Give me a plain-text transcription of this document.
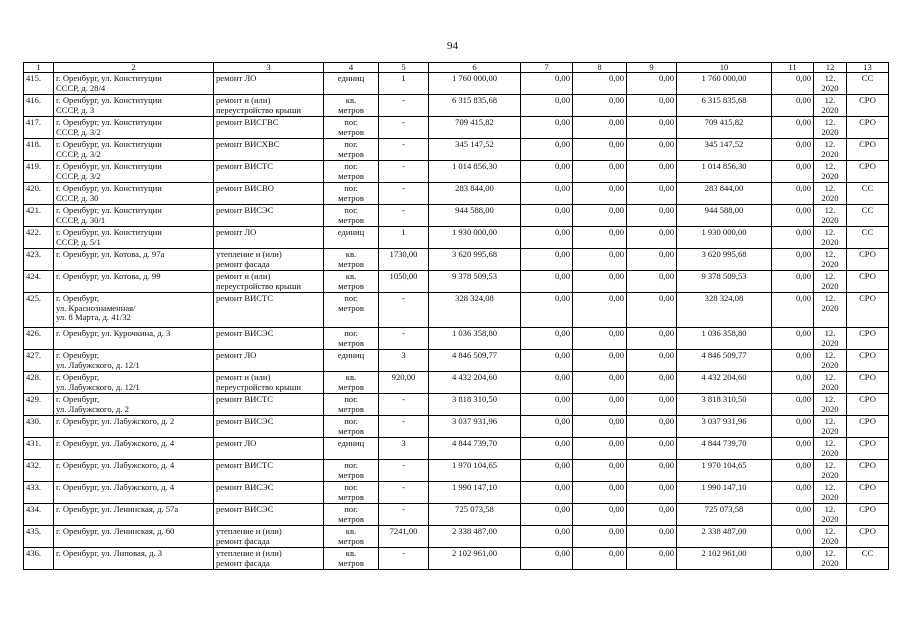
94
1	2	3	4	5	6	7	8	9	10	11	12	13
415.	г. Оренбург, ул. Конституции
СССР, д. 28/4	ремонт ЛО	единиц	1	1 760 000,00	0,00	0,00	0,00	1 760 000,00	0,00	12.
2020	СС
416.	г. Оренбург, ул. Конституции
СССР, д. 3	ремонт и (или)
переустройство крыши	кв.
метров	-	6 315 835,68	0,00	0,00	0,00	6 315 835,68	0,00	12.
2020	СРО
417.	г. Оренбург, ул. Конституции
СССР, д. 3/2	ремонт ВИСГВС	пог.
метров	-	709 415,82	0,00	0,00	0,00	709 415,82	0,00	12.
2020	СРО
418.	г. Оренбург, ул. Конституции
СССР, д. 3/2	ремонт ВИСХВС	пог.
метров	-	345 147,52	0,00	0,00	0,00	345 147,52	0,00	12.
2020	СРО
419.	г. Оренбург, ул. Конституции
СССР, д. 3/2	ремонт ВИСТС	пог.
метров	-	1 014 856,30	0,00	0,00	0,00	1 014 856,30	0,00	12.
2020	СРО
420.	г. Оренбург, ул. Конституции
СССР, д. 30	ремонт ВИСВО	пог.
метров	-	283 844,00	0,00	0,00	0,00	283 844,00	0,00	12.
2020	СС
421.	г. Оренбург, ул. Конституции
СССР, д. 30/1	ремонт ВИСЭС	пог.
метров	-	944 588,00	0,00	0,00	0,00	944 588,00	0,00	12.
2020	СС
422.	г. Оренбург, ул. Конституции
СССР, д. 5/1	ремонт ЛО	единиц	1	1 930 000,00	0,00	0,00	0,00	1 930 000,00	0,00	12.
2020	СС
423.	г. Оренбург, ул. Котова, д. 97а	утепление и (или)
ремонт фасада	кв.
метров	1730,00	3 620 995,68	0,00	0,00	0,00	3 620 995,68	0,00	12.
2020	СРО
424.	г. Оренбург, ул. Котова, д. 99	ремонт и (или)
переустройство крыши	кв.
метров	1050,00	9 378 509,53	0,00	0,00	0,00	9 378 509,53	0,00	12.
2020	СРО
425.	г. Оренбург,
ул. Краснознаменная/
ул. 8 Марта, д. 41/32	ремонт ВИСТС	пог.
метров	-	328 324,08	0,00	0,00	0,00	328 324,08	0,00	12.
2020	СРО
426.	г. Оренбург, ул. Курочкина, д. 3	ремонт ВИСЭС	пог.
метров	-	1 036 358,80	0,00	0,00	0,00	1 036 358,80	0,00	12.
2020	СРО
427.	г. Оренбург,
ул. Лабужского, д. 12/1	ремонт ЛО	единиц	3	4 846 509,77	0,00	0,00	0,00	4 846 509,77	0,00	12.
2020	СРО
428.	г. Оренбург,
ул. Лабужского, д. 12/1	ремонт и (или)
переустройство крыши	кв.
метров	920,00	4 432 204,60	0,00	0,00	0,00	4 432 204,60	0,00	12.
2020	СРО
429.	г. Оренбург,
ул. Лабужского, д. 2	ремонт ВИСТС	пог.
метров	-	3 818 310,50	0,00	0,00	0,00	3 818 310,50	0,00	12.
2020	СРО
430.	г. Оренбург, ул. Лабужского, д. 2	ремонт ВИСЭС	пог.
метров	-	3 037 931,96	0,00	0,00	0,00	3 037 931,96	0,00	12.
2020	СРО
431.	г. Оренбург, ул. Лабужского, д. 4	ремонт ЛО	единиц	3	4 844 739,70	0,00	0,00	0,00	4 844 739,70	0,00	12.
2020	СРО
432.	г. Оренбург, ул. Лабужского, д. 4	ремонт ВИСТС	пог.
метров	-	1 970 104,65	0,00	0,00	0,00	1 970 104,65	0,00	12.
2020	СРО
433.	г. Оренбург, ул. Лабужского, д. 4	ремонт ВИСЭС	пог.
метров	-	1 990 147,10	0,00	0,00	0,00	1 990 147,10	0,00	12.
2020	СРО
434.	г. Оренбург, ул. Ленинская, д. 57а	ремонт ВИСЭС	пог.
метров	-	725 073,58	0,00	0,00	0,00	725 073,58	0,00	12.
2020	СРО
435.	г. Оренбург, ул. Ленинская, д. 60	утепление и (или)
ремонт фасада	кв.
метров	7241,00	2 338 487,00	0,00	0,00	0,00	2 338 487,00	0,00	12.
2020	СРО
436.	г. Оренбург, ул. Липовая, д. 3	утепление и (или)
ремонт фасада	кв.
метров	-	2 102 961,00	0,00	0,00	0,00	2 102 961,00	0,00	12.
2020	СС
